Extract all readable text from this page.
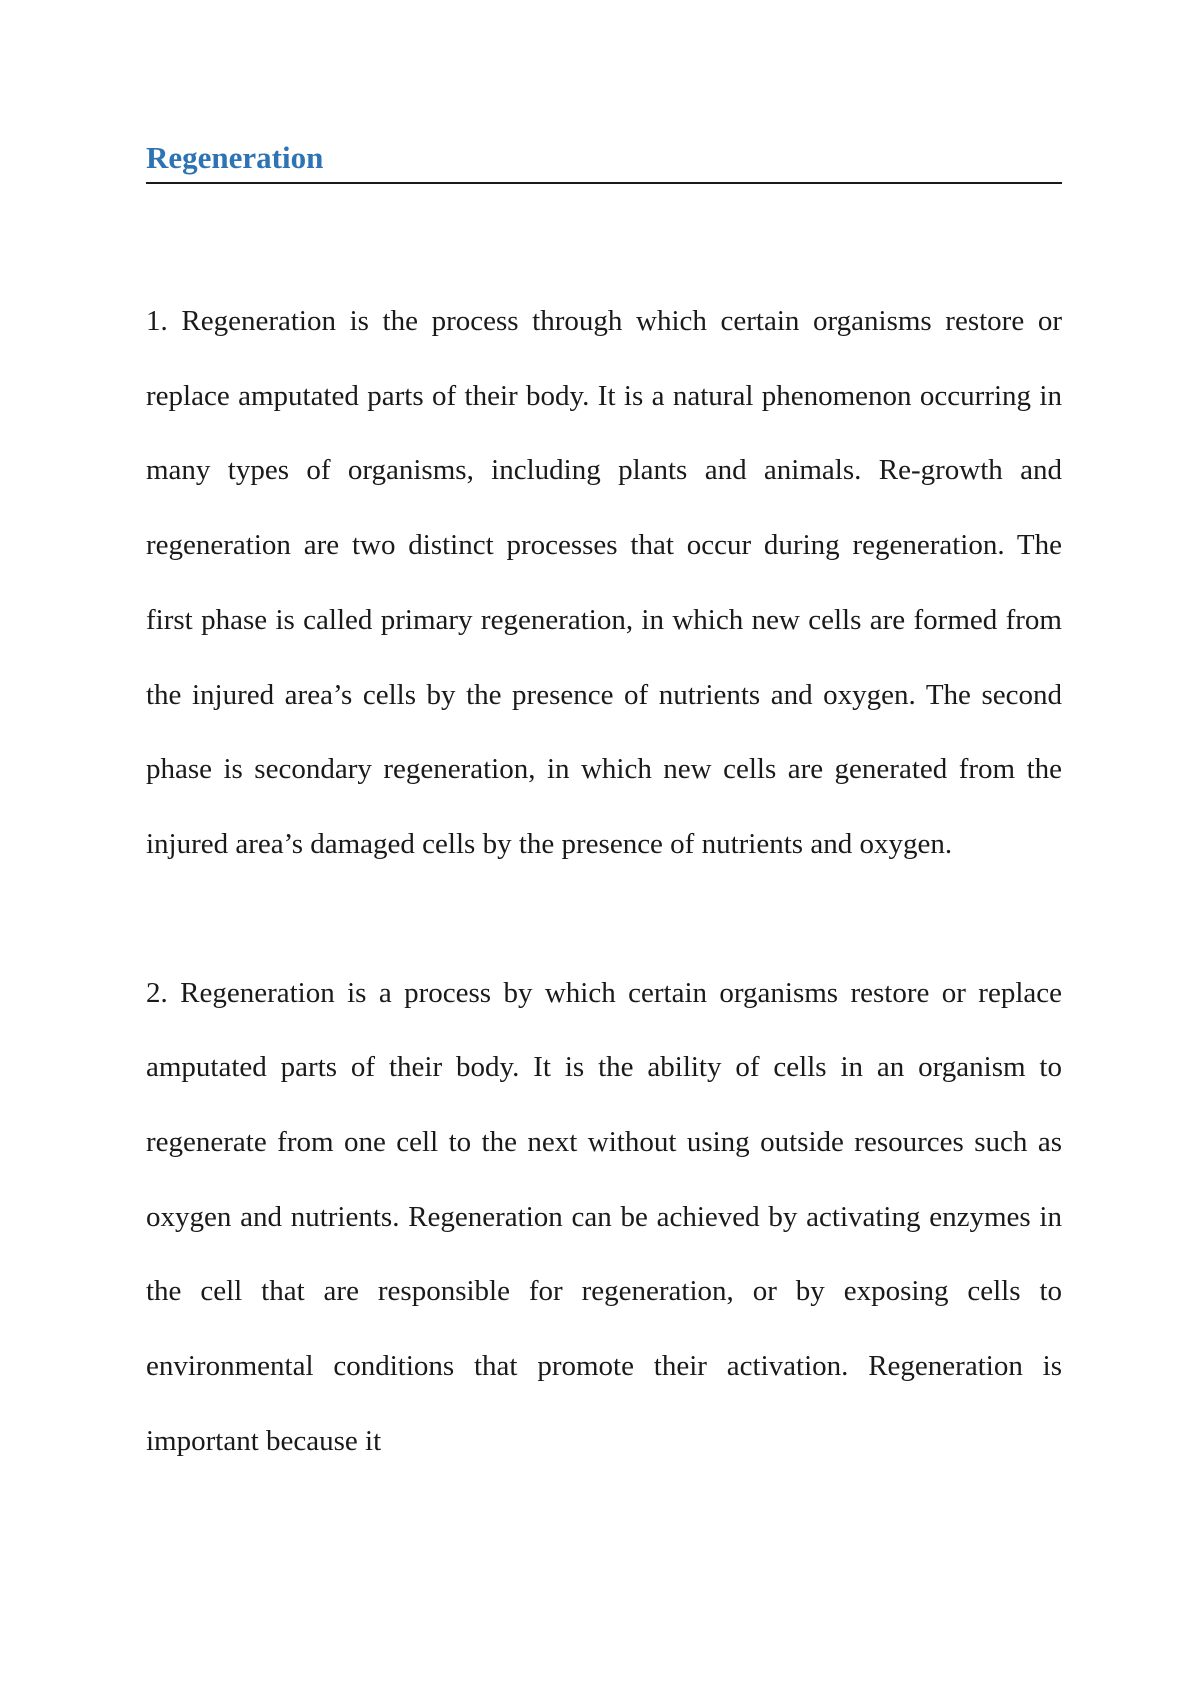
Regeneration

1. Regeneration is the process through which certain organisms restore or replace amputated parts of their body. It is a natural phenomenon occurring in many types of organisms, including plants and animals. Re-growth and regeneration are two distinct processes that occur during regeneration. The first phase is called primary regeneration, in which new cells are formed from the injured area’s cells by the presence of nutrients and oxygen. The second phase is secondary regeneration, in which new cells are generated from the injured area’s damaged cells by the presence of nutrients and oxygen.

2. Regeneration is a process by which certain organisms restore or replace amputated parts of their body. It is the ability of cells in an organism to regenerate from one cell to the next without using outside resources such as oxygen and nutrients. Regeneration can be achieved by activating enzymes in the cell that are responsible for regeneration, or by exposing cells to environmental conditions that promote their activation. Regeneration is important because it
